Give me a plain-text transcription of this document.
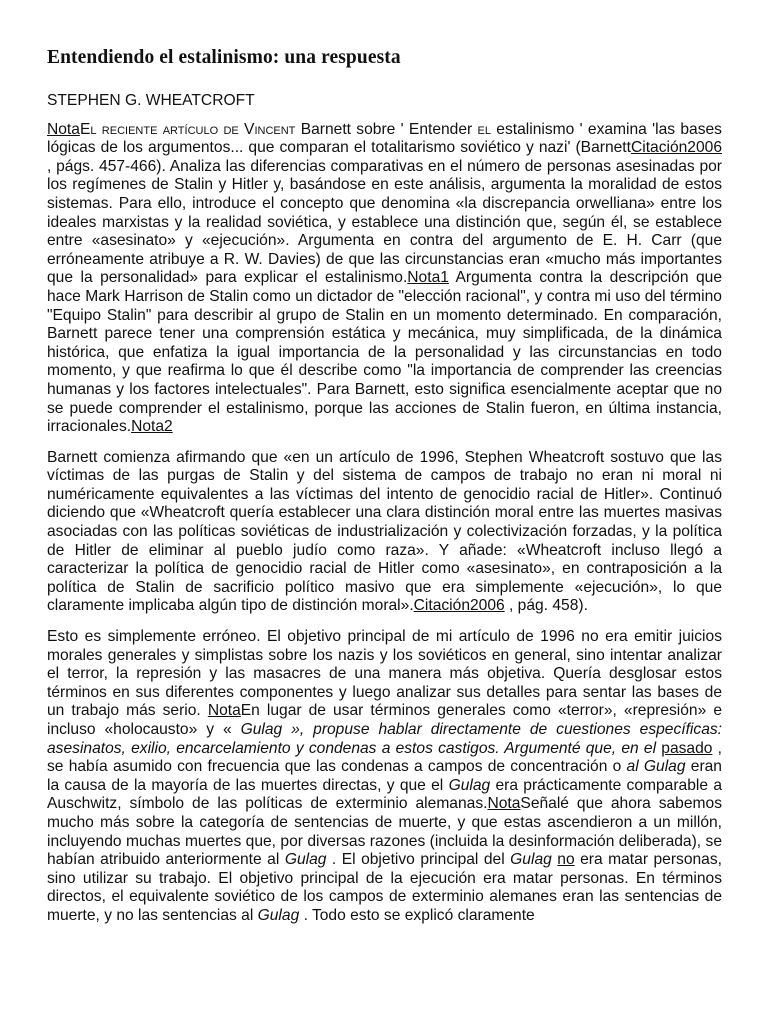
Entendiendo el estalinismo: una respuesta
STEPHEN G. WHEATCROFT

NotaEl reciente artículo de Vincent Barnett sobre ' Entender el estalinismo ' examina 'las bases lógicas de los argumentos... que comparan el totalitarismo soviético y nazi' (BarnettCitación2006 , págs. 457-466). Analiza las diferencias comparativas en el número de personas asesinadas por los regímenes de Stalin y Hitler y, basándose en este análisis, argumenta la moralidad de estos sistemas. Para ello, introduce el concepto que denomina «la discrepancia orwelliana» entre los ideales marxistas y la realidad soviética, y establece una distinción que, según él, se establece entre «asesinato» y «ejecución». Argumenta en contra del argumento de E. H. Carr (que erróneamente atribuye a R. W. Davies) de que las circunstancias eran «mucho más importantes que la personalidad» para explicar el estalinismo.Nota1 Argumenta contra la descripción que hace Mark Harrison de Stalin como un dictador de "elección racional", y contra mi uso del término "Equipo Stalin" para describir al grupo de Stalin en un momento determinado. En comparación, Barnett parece tener una comprensión estática y mecánica, muy simplificada, de la dinámica histórica, que enfatiza la igual importancia de la personalidad y las circunstancias en todo momento, y que reafirma lo que él describe como "la importancia de comprender las creencias humanas y los factores intelectuales". Para Barnett, esto significa esencialmente aceptar que no se puede comprender el estalinismo, porque las acciones de Stalin fueron, en última instancia, irracionales.Nota2

Barnett comienza afirmando que «en un artículo de 1996, Stephen Wheatcroft sostuvo que las víctimas de las purgas de Stalin y del sistema de campos de trabajo no eran ni moral ni numéricamente equivalentes a las víctimas del intento de genocidio racial de Hitler». Continuó diciendo que «Wheatcroft quería establecer una clara distinción moral entre las muertes masivas asociadas con las políticas soviéticas de industrialización y colectivización forzadas, y la política de Hitler de eliminar al pueblo judío como raza». Y añade: «Wheatcroft incluso llegó a caracterizar la política de genocidio racial de Hitler como «asesinato», en contraposición a la política de Stalin de sacrificio político masivo que era simplemente «ejecución», lo que claramente implicaba algún tipo de distinción moral».Citación2006 , pág. 458).

Esto es simplemente erróneo. El objetivo principal de mi artículo de 1996 no era emitir juicios morales generales y simplistas sobre los nazis y los soviéticos en general, sino intentar analizar el terror, la represión y las masacres de una manera más objetiva. Quería desglosar estos términos en sus diferentes componentes y luego analizar sus detalles para sentar las bases de un trabajo más serio. NotaEn lugar de usar términos generales como «terror», «represión» e incluso «holocausto» y « Gulag », propuse hablar directamente de cuestiones específicas: asesinatos, exilio, encarcelamiento y condenas a estos castigos. Argumenté que, en el pasado , se había asumido con frecuencia que las condenas a campos de concentración o al Gulag eran la causa de la mayoría de las muertes directas, y que el Gulag era prácticamente comparable a Auschwitz, símbolo de las políticas de exterminio alemanas.NotaSeñalé que ahora sabemos mucho más sobre la categoría de sentencias de muerte, y que estas ascendieron a un millón, incluyendo muchas muertes que, por diversas razones (incluida la desinformación deliberada), se habían atribuido anteriormente al Gulag . El objetivo principal del Gulag no era matar personas, sino utilizar su trabajo. El objetivo principal de la ejecución era matar personas. En términos directos, el equivalente soviético de los campos de exterminio alemanes eran las sentencias de muerte, y no las sentencias al Gulag . Todo esto se explicó claramente
